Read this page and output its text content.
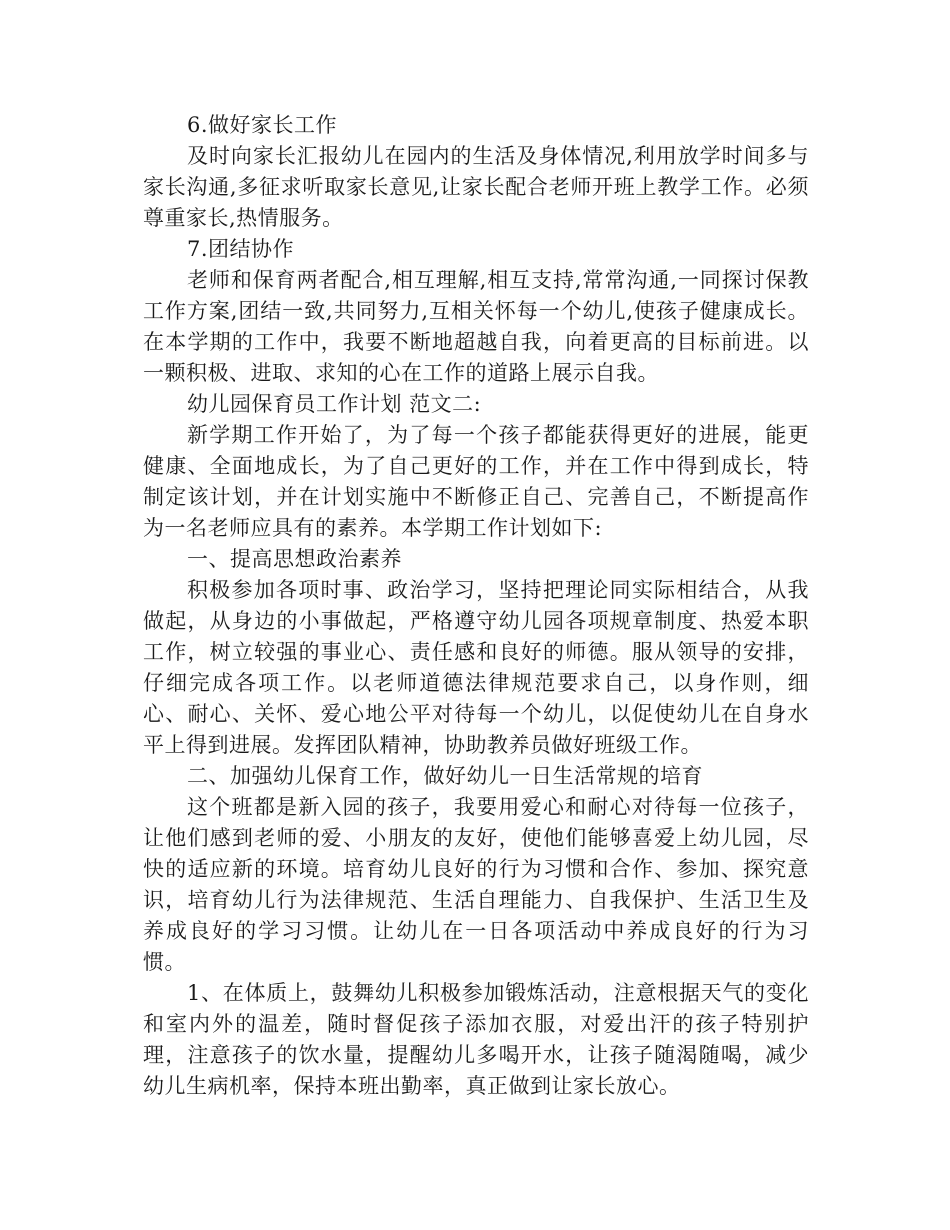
6.做好家长工作

及时向家长汇报幼儿在园内的生活及身体情况,利用放学时间多与家长沟通,多征求听取家长意见,让家长配合老师开班上教学工作。必须尊重家长,热情服务。

7.团结协作

老师和保育两者配合,相互理解,相互支持,常常沟通,一同探讨保教工作方案,团结一致,共同努力,互相关怀每一个幼儿,使孩子健康成长。在本学期的工作中，我要不断地超越自我，向着更高的目标前进。以一颗积极、进取、求知的心在工作的道路上展示自我。

幼儿园保育员工作计划 范文二:

新学期工作开始了，为了每一个孩子都能获得更好的进展，能更健康、全面地成长，为了自己更好的工作，并在工作中得到成长，特制定该计划，并在计划实施中不断修正自己、完善自己，不断提高作为一名老师应具有的素养。本学期工作计划如下:

一、提高思想政治素养

积极参加各项时事、政治学习，坚持把理论同实际相结合，从我做起，从身边的小事做起，严格遵守幼儿园各项规章制度、热爱本职工作，树立较强的事业心、责任感和良好的师德。服从领导的安排，仔细完成各项工作。以老师道德法律规范要求自己，以身作则，细心、耐心、关怀、爱心地公平对待每一个幼儿，以促使幼儿在自身水平上得到进展。发挥团队精神，协助教养员做好班级工作。

二、加强幼儿保育工作，做好幼儿一日生活常规的培育

这个班都是新入园的孩子，我要用爱心和耐心对待每一位孩子，让他们感到老师的爱、小朋友的友好，使他们能够喜爱上幼儿园，尽快的适应新的环境。培育幼儿良好的行为习惯和合作、参加、探究意识，培育幼儿行为法律规范、生活自理能力、自我保护、生活卫生及养成良好的学习习惯。让幼儿在一日各项活动中养成良好的行为习惯。

1、在体质上，鼓舞幼儿积极参加锻炼活动，注意根据天气的变化和室内外的温差，随时督促孩子添加衣服，对爱出汗的孩子特别护理，注意孩子的饮水量，提醒幼儿多喝开水，让孩子随渴随喝，减少幼儿生病机率，保持本班出勤率，真正做到让家长放心。
